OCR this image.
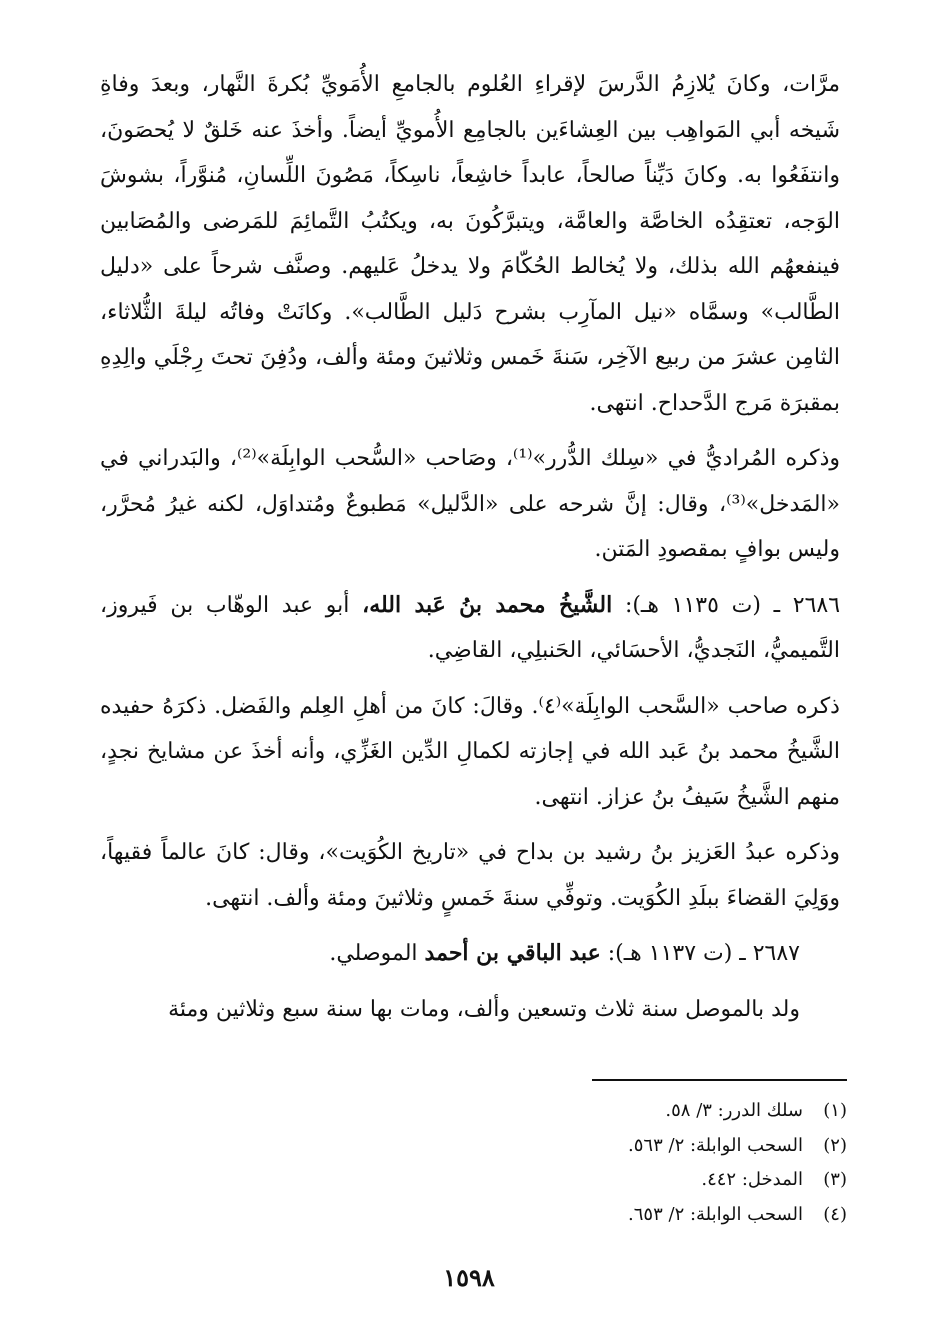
مرَّات، وكانَ يُلازِمُ الدَّرسَ لإقراءِ العُلوم بالجامعِ الأُمَويِّ بُكرةَ النَّهار، وبعدَ وفاةِ شَيخه أبي المَواهِب بين العِشاءَين بالجامِع الأُمويِّ أيضاً. وأخذَ عنه خَلقٌ لا يُحصَونَ، وانتفَعُوا به. وكانَ دَيِّناً صالحاً، عابداً خاشِعاً، ناسِكاً، مَصُونَ اللِّسانِ، مُنوَّراً، بشوشَ الوَجه، تعتقِدُه الخاصَّة والعامَّة، ويتبرَّكُونَ به، ويكتُبُ التَّمائِمَ للمَرضى والمُصَابين فينفعهُم الله بذلك، ولا يُخالط الحُكّامَ ولا يدخلُ عَليهم. وصنَّف شرحاً على «دليل الطَّالب» وسمَّاه «نيل المآرِب بشرح دَليل الطَّالب». وكانَتْ وفاتُه ليلةَ الثُّلاثاء، الثامِن عشرَ من ربيع الآخِر، سَنةَ خَمس وثلاثينَ ومئة وألف، ودُفِنَ تحتَ رِجْلَي والِدِهِ بمقبرَة مَرج الدَّحداح. انتهى.

وذكره المُراديُّ في «سِلك الدُّرر»⁽¹⁾، وصَاحب «السُّحب الوابِلَة»⁽²⁾، والبَدراني في «المَدخل»⁽³⁾، وقال: إنَّ شرحه على «الدَّليل» مَطبوعٌ ومُتداوَل، لكنه غيرُ مُحرَّر، وليس بوافٍ بمقصودِ المَتن.

٢٦٨٦ ـ (ت ١١٣٥ هـ): الشَّيخُ محمد بنُ عَبد الله، أبو عبد الوهّاب بن فَيروز، التَّميميُّ، النَجديُّ، الأحسَائي، الحَنبلِي، القاضِي.

ذكره صاحب «السَّحب الوابِلَة»⁽٤⁾. وقالَ: كانَ من أهلِ العِلم والفَضل. ذكرَهُ حفيده الشَّيخُ محمد بنُ عَبد الله في إجازته لكمالِ الدِّين الغَزِّي، وأنه أخذَ عن مشايخ نجدٍ، منهم الشَّيخُ سَيفُ بنُ عزاز. انتهى.

وذكره عبدُ العَزيز بنُ رشيد بن بداح في «تاريخ الكُوَيت»، وقال: كانَ عالماً فقيهاً، ووَلِيَ القضاءَ ببلَدِ الكُوَيت. وتوفِّي سنةَ خَمسٍ وثلاثينَ ومئة وألف. انتهى.

٢٦٨٧ ـ (ت ١١٣٧ هـ): عبد الباقي بن أحمد الموصلي.

ولد بالموصل سنة ثلاث وتسعين وألف، ومات بها سنة سبع وثلاثين ومئة

(١)سلك الدرر: ٣/ ٥٨.

(٢)السحب الوابلة: ٢/ ٥٦٣.

(٣)المدخل: ٤٤٢.

(٤)السحب الوابلة: ٢/ ٦٥٣.

١٥٩٨
